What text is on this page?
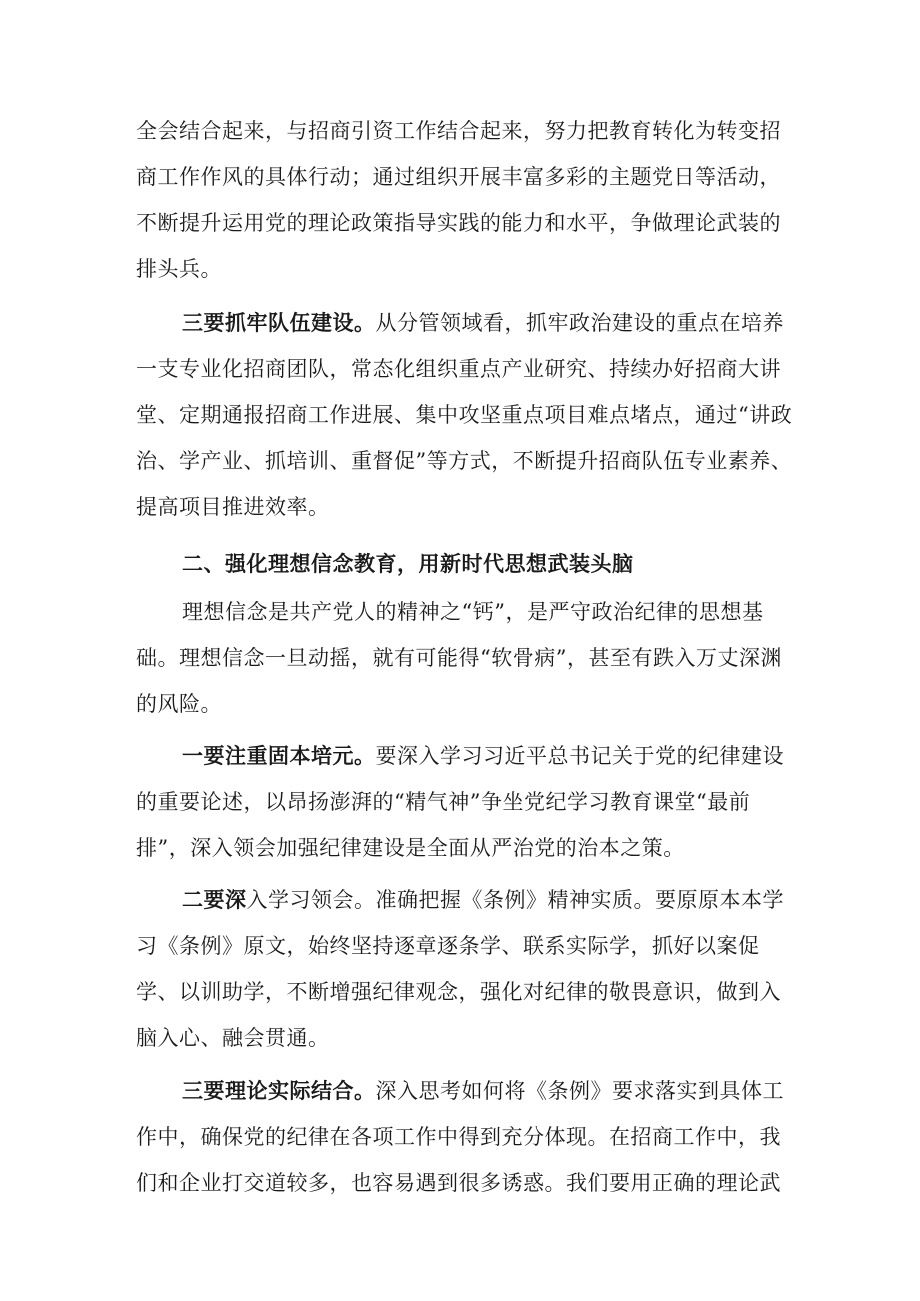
全会结合起来，与招商引资工作结合起来，努力把教育转化为转变招商工作作风的具体行动；通过组织开展丰富多彩的主题党日等活动，不断提升运用党的理论政策指导实践的能力和水平，争做理论武装的排头兵。

三要抓牢队伍建设。从分管领域看，抓牢政治建设的重点在培养一支专业化招商团队，常态化组织重点产业研究、持续办好招商大讲堂、定期通报招商工作进展、集中攻坚重点项目难点堵点，通过“讲政治、学产业、抓培训、重督促”等方式，不断提升招商队伍专业素养、提高项目推进效率。

二、强化理想信念教育，用新时代思想武装头脑

理想信念是共产党人的精神之“钙”，是严守政治纪律的思想基础。理想信念一旦动摇，就有可能得“软骨病”，甚至有跌入万丈深渊的风险。

一要注重固本培元。要深入学习习近平总书记关于党的纪律建设的重要论述，以昂扬澎湃的“精气神”争坐党纪学习教育课堂“最前排”，深入领会加强纪律建设是全面从严治党的治本之策。

二要深入学习领会。准确把握《条例》精神实质。要原原本本学习《条例》原文，始终坚持逐章逐条学、联系实际学，抓好以案促学、以训助学，不断增强纪律观念，强化对纪律的敬畏意识，做到入脑入心、融会贯通。

三要理论实际结合。深入思考如何将《条例》要求落实到具体工作中，确保党的纪律在各项工作中得到充分体现。在招商工作中，我们和企业打交道较多，也容易遇到很多诱惑。我们要用正确的理论武
